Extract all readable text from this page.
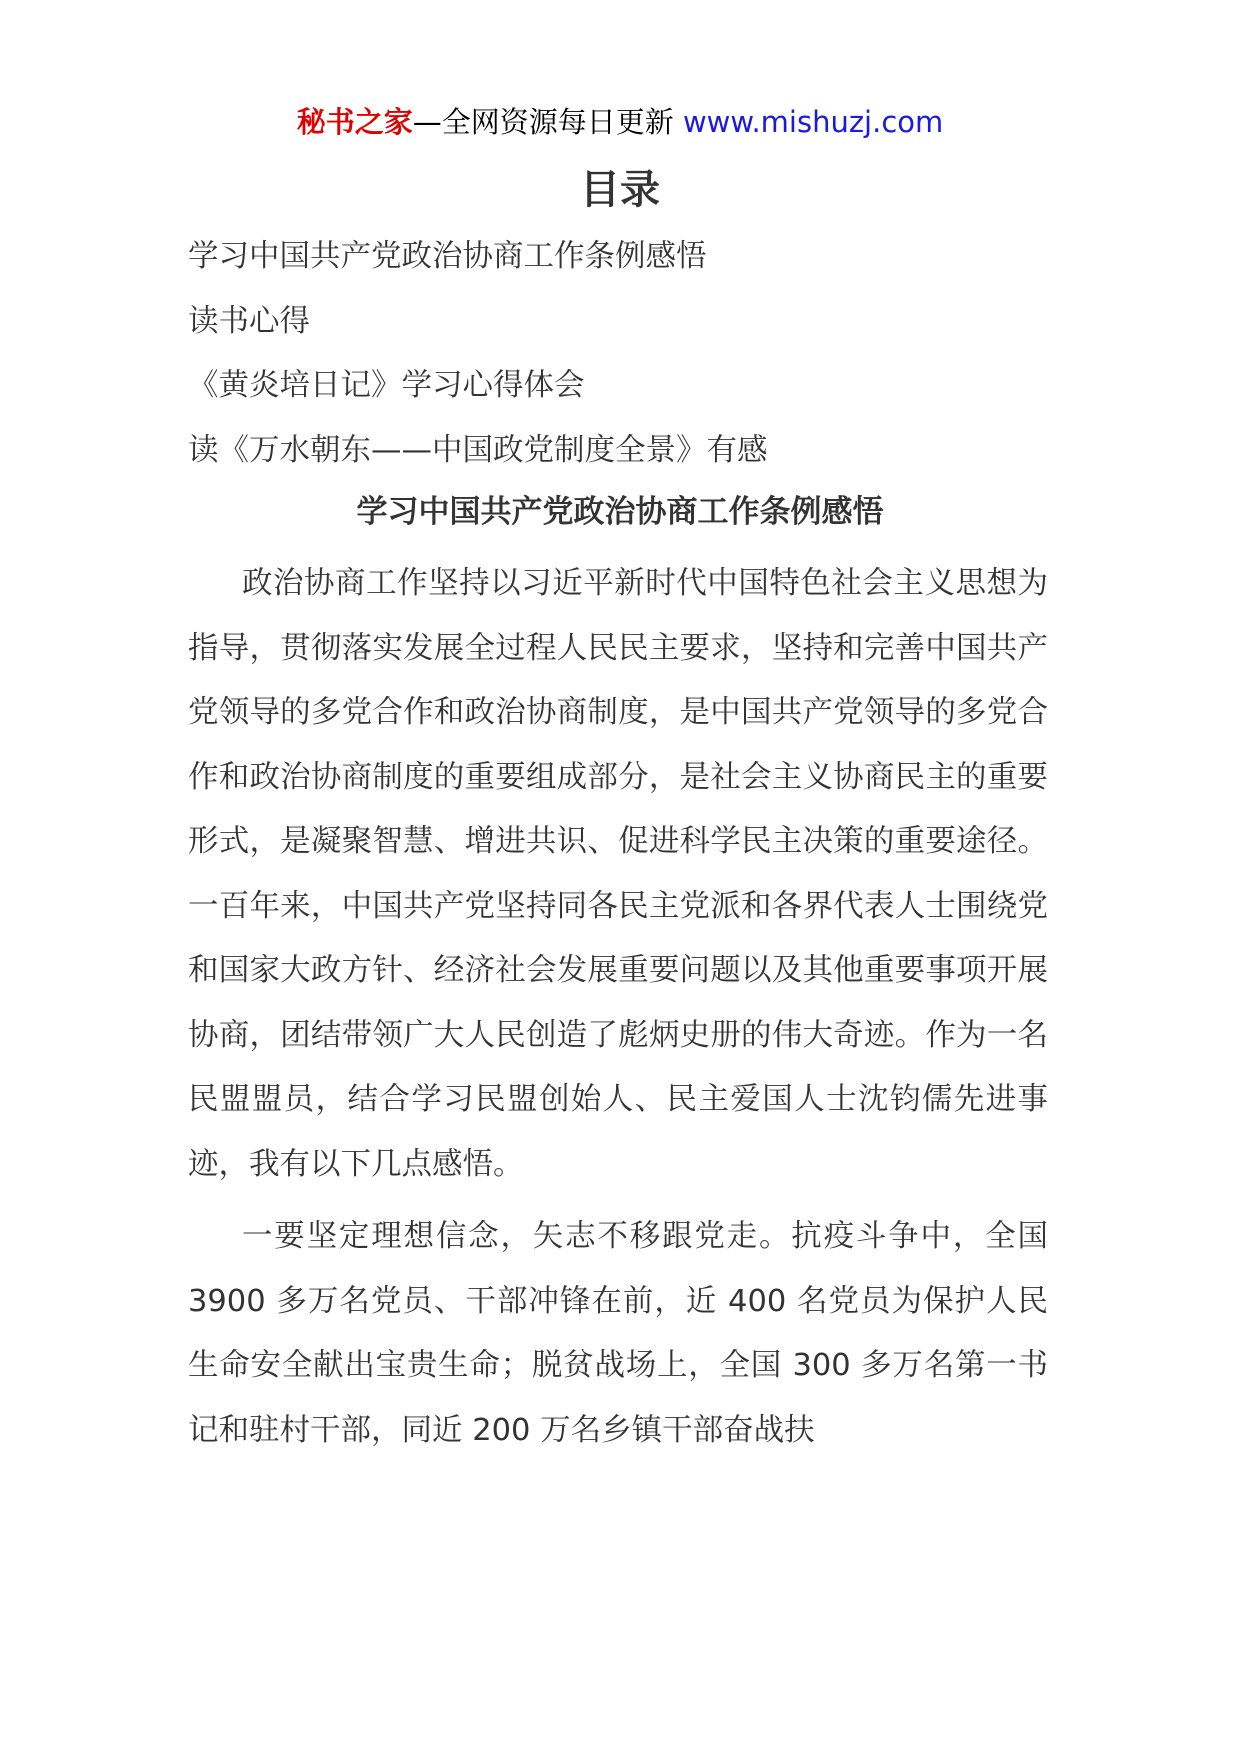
秘书之家—全网资源每日更新 www.mishuzj.com
目录
学习中国共产党政治协商工作条例感悟
读书心得
《黄炎培日记》学习心得体会
读《万水朝东——中国政党制度全景》有感
学习中国共产党政治协商工作条例感悟

政治协商工作坚持以习近平新时代中国特色社会主义思想为指导，贯彻落实发展全过程人民民主要求，坚持和完善中国共产党领导的多党合作和政治协商制度，是中国共产党领导的多党合作和政治协商制度的重要组成部分，是社会主义协商民主的重要形式，是凝聚智慧、增进共识、促进科学民主决策的重要途径。一百年来，中国共产党坚持同各民主党派和各界代表人士围绕党和国家大政方针、经济社会发展重要问题以及其他重要事项开展协商，团结带领广大人民创造了彪炳史册的伟大奇迹。作为一名民盟盟员，结合学习民盟创始人、民主爱国人士沈钧儒先进事迹，我有以下几点感悟。

一要坚定理想信念，矢志不移跟党走。抗疫斗争中，全国 3900 多万名党员、干部冲锋在前，近 400 名党员为保护人民生命安全献出宝贵生命；脱贫战场上，全国 300 多万名第一书记和驻村干部，同近 200 万名乡镇干部奋战扶
